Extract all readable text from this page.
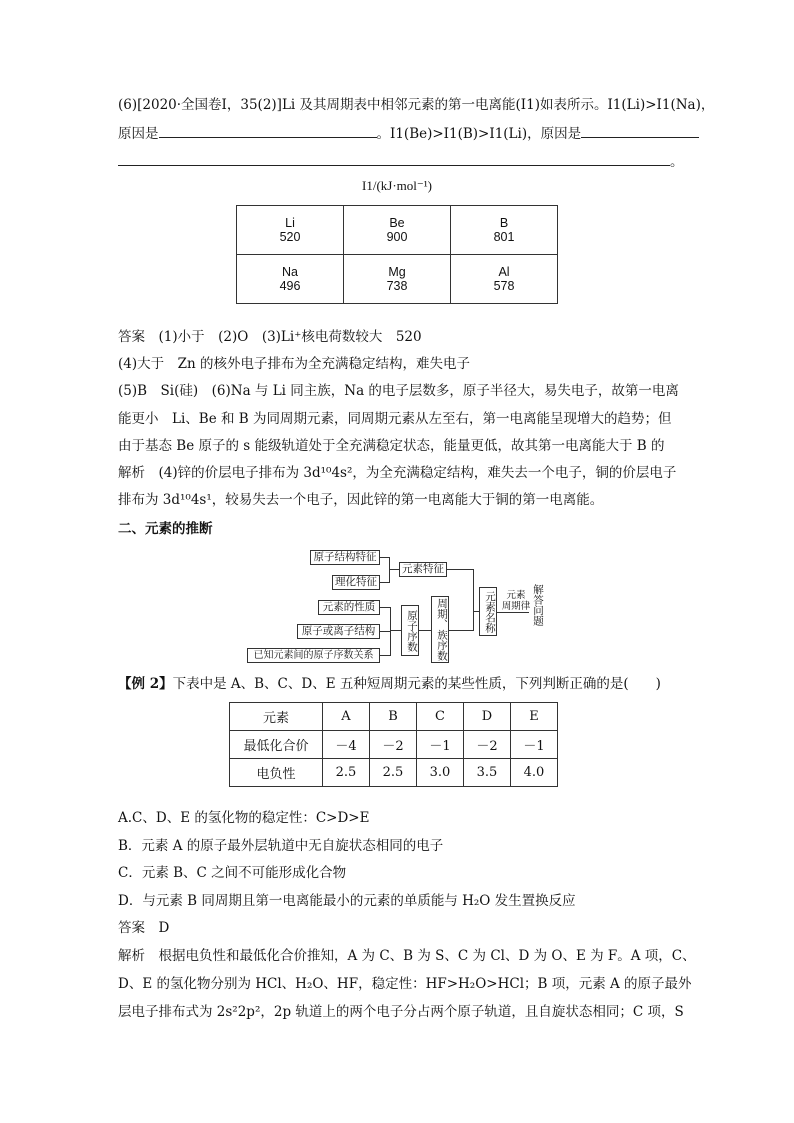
(6)[2020·全国卷Ⅰ，35(2)]Li 及其周期表中相邻元素的第一电离能(I1)如表所示。I1(Li)>I1(Na)，
原因是	。I1(Be)>I1(B)>I1(Li)，原因是
。
I1/(kJ·mol⁻¹)
Li	Be	B
520	900	801
Na	Mg	Al
496	738	578
答案　(1)小于　(2)O　(3)Li⁺核电荷数较大　520
(4)大于　Zn 的核外电子排布为全充满稳定结构，难失电子
(5)B　Si(硅)　(6)Na 与 Li 同主族，Na 的电子层数多，原子半径大，易失电子，故第一电离
能更小　Li、Be 和 B 为同周期元素，同周期元素从左至右，第一电离能呈现增大的趋势；但
由于基态 Be 原子的 s 能级轨道处于全充满稳定状态，能量更低，故其第一电离能大于 B 的
解析　(4)锌的价层电子排布为 3d¹⁰4s²，为全充满稳定结构，难失去一个电子，铜的价层电子
排布为 3d¹⁰4s¹，较易失去一个电子，因此锌的第一电离能大于铜的第一电离能。
二、元素的推断
原子结构特征
理化特征
元素特征
元素的性质
原子或离子结构
已知元素间的原子序数关系
原子序数	周期、族序数	元素名称	元素
周期律 解答问题
【例 2】下表中是 A、B、C、D、E 五种短周期元素的某些性质，下列判断正确的是(　　)
元素	A	B	C	D	E
最低化合价	－4	－2	－1	－2	－1
电负性	2.5	2.5	3.0	3.5	4.0
A.C、D、E 的氢化物的稳定性：C>D>E
B．元素 A 的原子最外层轨道中无自旋状态相同的电子
C．元素 B、C 之间不可能形成化合物
D．与元素 B 同周期且第一电离能最小的元素的单质能与 H₂O 发生置换反应
答案　D
解析　根据电负性和最低化合价推知，A 为 C、B 为 S、C 为 Cl、D 为 O、E 为 F。A 项，C、
D、E 的氢化物分别为 HCl、H₂O、HF，稳定性：HF>H₂O>HCl；B 项，元素 A 的原子最外
层电子排布式为 2s²2p²，2p 轨道上的两个电子分占两个原子轨道，且自旋状态相同；C 项，S
